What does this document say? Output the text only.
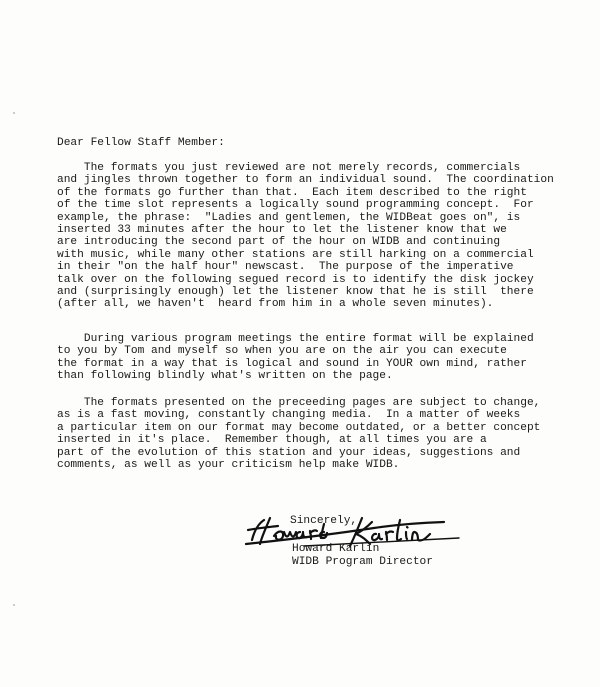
Dear Fellow Staff Member:
The formats you just reviewed are not merely records, commercials
and jingles thrown together to form an individual sound.  The coordination
of the formats go further than that.  Each item described to the right
of the time slot represents a logically sound programming concept.  For
example, the phrase:  "Ladies and gentlemen, the WIDBeat goes on", is
inserted 33 minutes after the hour to let the listener know that we
are introducing the second part of the hour on WIDB and continuing
with music, while many other stations are still harking on a commercial
in their "on the half hour" newscast.  The purpose of the imperative
talk over on the following segued record is to identify the disk jockey
and (surprisingly enough) let the listener know that he is still  there
(after all, we haven't  heard from him in a whole seven minutes).
During various program meetings the entire format will be explained
to you by Tom and myself so when you are on the air you can execute
the format in a way that is logical and sound in YOUR own mind, rather
than following blindly what's written on the page.
The formats presented on the preceeding pages are subject to change,
as is a fast moving, constantly changing media.  In a matter of weeks
a particular item on our format may become outdated, or a better concept
inserted in it's place.  Remember though, at all times you are a
part of the evolution of this station and your ideas, suggestions and
comments, as well as your criticism help make WIDB.
Sincerely,
Howard Karlin
WIDB Program Director
